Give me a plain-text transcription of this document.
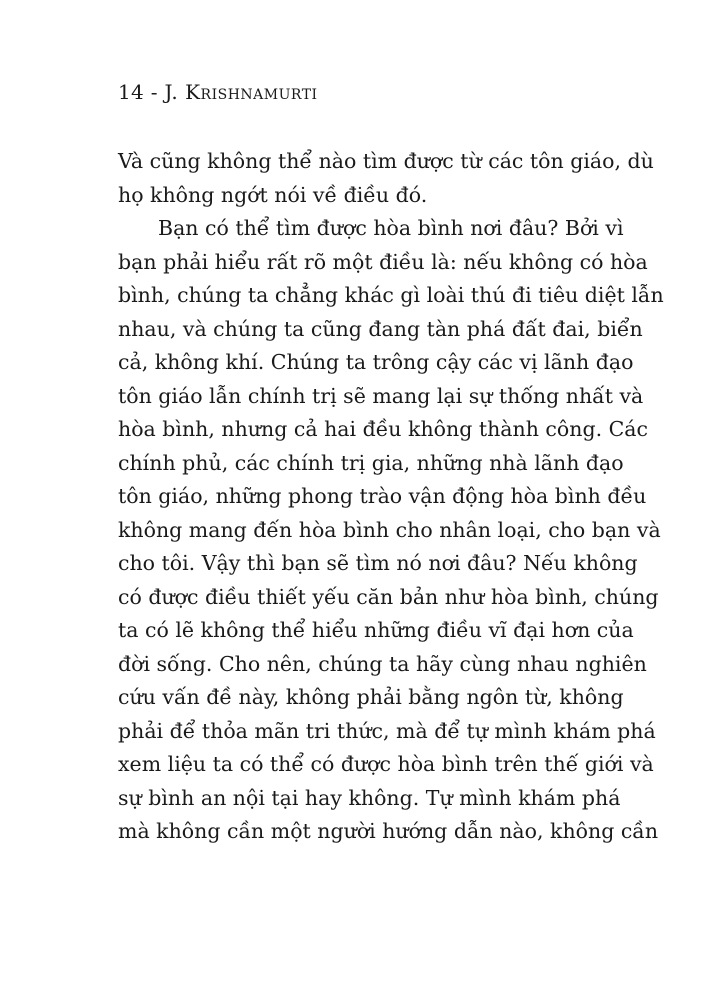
14 - J. Krishnamurti
Và cũng không thể nào tìm được từ các tôn giáo, dù
họ không ngớt nói về điều đó.
Bạn có thể tìm được hòa bình nơi đâu? Bởi vì
bạn phải hiểu rất rõ một điều là: nếu không có hòa
bình, chúng ta chẳng khác gì loài thú đi tiêu diệt lẫn
nhau, và chúng ta cũng đang tàn phá đất đai, biển
cả, không khí. Chúng ta trông cậy các vị lãnh đạo
tôn giáo lẫn chính trị sẽ mang lại sự thống nhất và
hòa bình, nhưng cả hai đều không thành công. Các
chính phủ, các chính trị gia, những nhà lãnh đạo
tôn giáo, những phong trào vận động hòa bình đều
không mang đến hòa bình cho nhân loại, cho bạn và
cho tôi. Vậy thì bạn sẽ tìm nó nơi đâu? Nếu không
có được điều thiết yếu căn bản như hòa bình, chúng
ta có lẽ không thể hiểu những điều vĩ đại hơn của
đời sống. Cho nên, chúng ta hãy cùng nhau nghiên
cứu vấn đề này, không phải bằng ngôn từ, không
phải để thỏa mãn tri thức, mà để tự mình khám phá
xem liệu ta có thể có được hòa bình trên thế giới và
sự bình an nội tại hay không. Tự mình khám phá
mà không cần một người hướng dẫn nào, không cần
